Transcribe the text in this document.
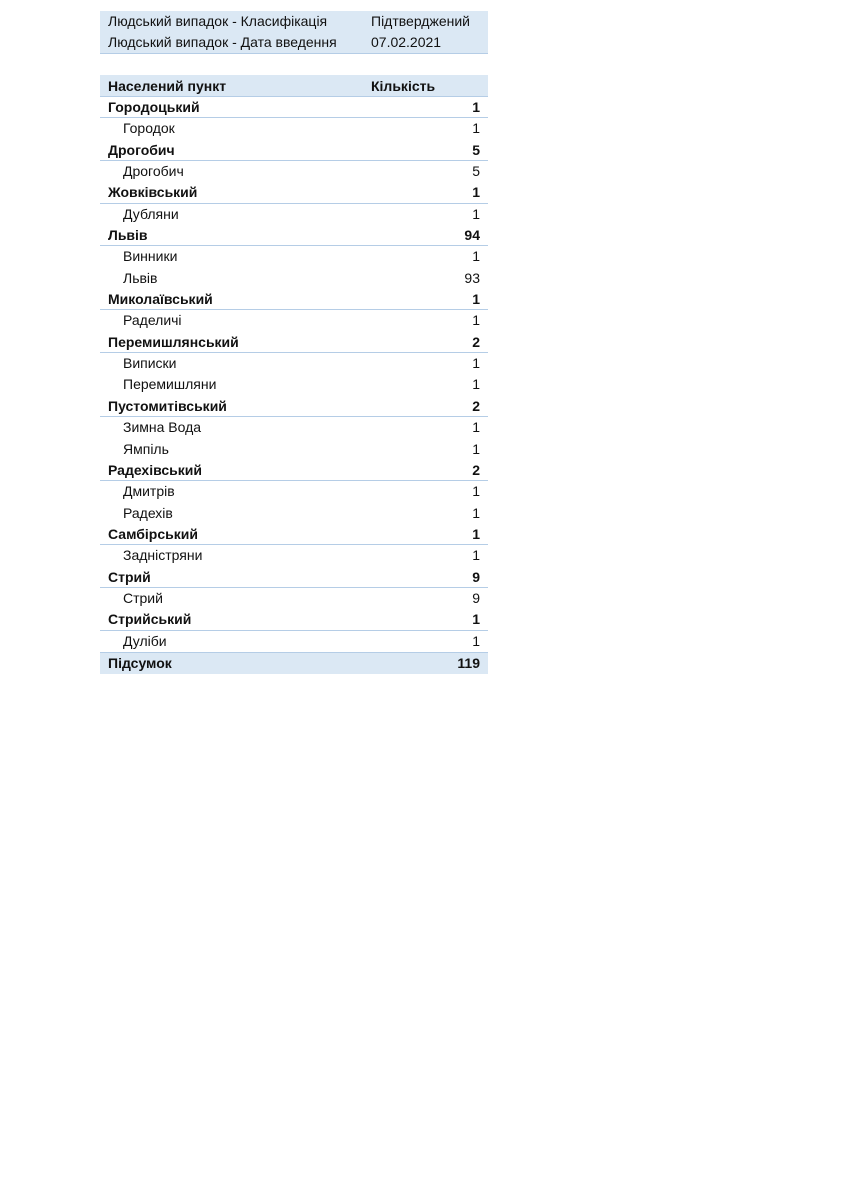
Людський випадок - Класифікація	Підтверджений
Людський випадок - Дата введення	07.02.2021
Населений пункт	Кількість
Городоцький	1
Городок	1
Дрогобич	5
Дрогобич	5
Жовківський	1
Дубляни	1
Львів	94
Винники	1
Львів	93
Миколаївський	1
Раделичі	1
Перемишлянський	2
Виписки	1
Перемишляни	1
Пустомитівський	2
Зимна Вода	1
Ямпіль	1
Радехівський	2
Дмитрів	1
Радехів	1
Самбірський	1
Задністряни	1
Стрий	9
Стрий	9
Стрийський	1
Дуліби	1
Підсумок	119
